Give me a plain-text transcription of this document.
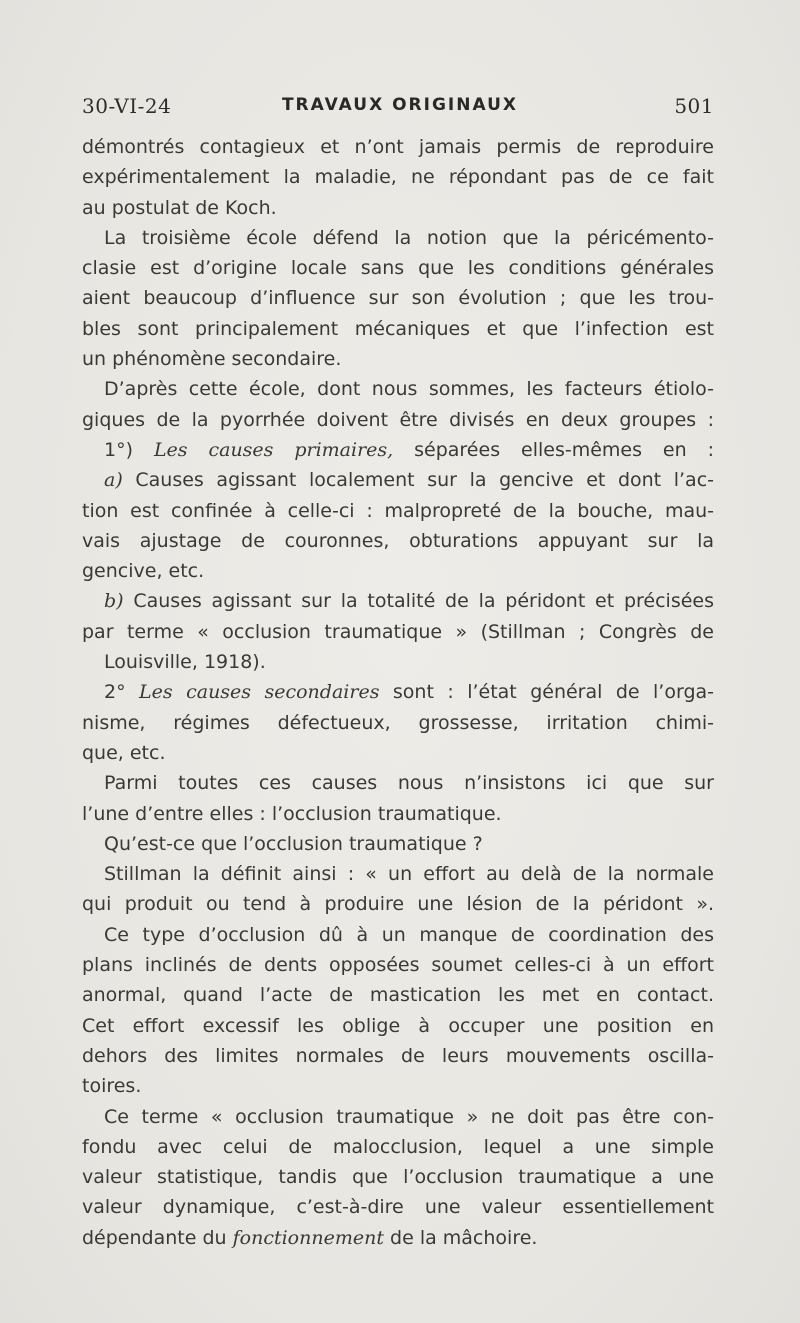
30-VI-24	TRAVAUX ORIGINAUX	501
démontrés contagieux et n’ont jamais permis de reproduire
expérimentalement la maladie, ne répondant pas de ce fait
au postulat de Koch.
La troisième école défend la notion que la péricémento-
clasie est d’origine locale sans que les conditions générales
aient beaucoup d’influence sur son évolution ; que les trou-
bles sont principalement mécaniques et que l’infection est
un phénomène secondaire.
D’après cette école, dont nous sommes, les facteurs étiolo-
giques de la pyorrhée doivent être divisés en deux groupes :
1°) Les causes primaires, séparées elles-mêmes en :
a) Causes agissant localement sur la gencive et dont l’ac-
tion est confinée à celle-ci : malpropreté de la bouche, mau-
vais ajustage de couronnes, obturations appuyant sur la
gencive, etc.
b) Causes agissant sur la totalité de la péridont et précisées
par terme « occlusion traumatique » (Stillman ; Congrès de
Louisville, 1918).
2° Les causes secondaires sont : l’état général de l’orga-
nisme, régimes défectueux, grossesse, irritation chimi-
que, etc.
Parmi toutes ces causes nous n’insistons ici que sur
l’une d’entre elles : l’occlusion traumatique.
Qu’est-ce que l’occlusion traumatique ?
Stillman la définit ainsi : « un effort au delà de la normale
qui produit ou tend à produire une lésion de la péridont ».
Ce type d’occlusion dû à un manque de coordination des
plans inclinés de dents opposées soumet celles-ci à un effort
anormal, quand l’acte de mastication les met en contact.
Cet effort excessif les oblige à occuper une position en
dehors des limites normales de leurs mouvements oscilla-
toires.
Ce terme « occlusion traumatique » ne doit pas être con-
fondu avec celui de malocclusion, lequel a une simple
valeur statistique, tandis que l’occlusion traumatique a une
valeur dynamique, c’est-à-dire une valeur essentiellement
dépendante du fonctionnement de la mâchoire.
